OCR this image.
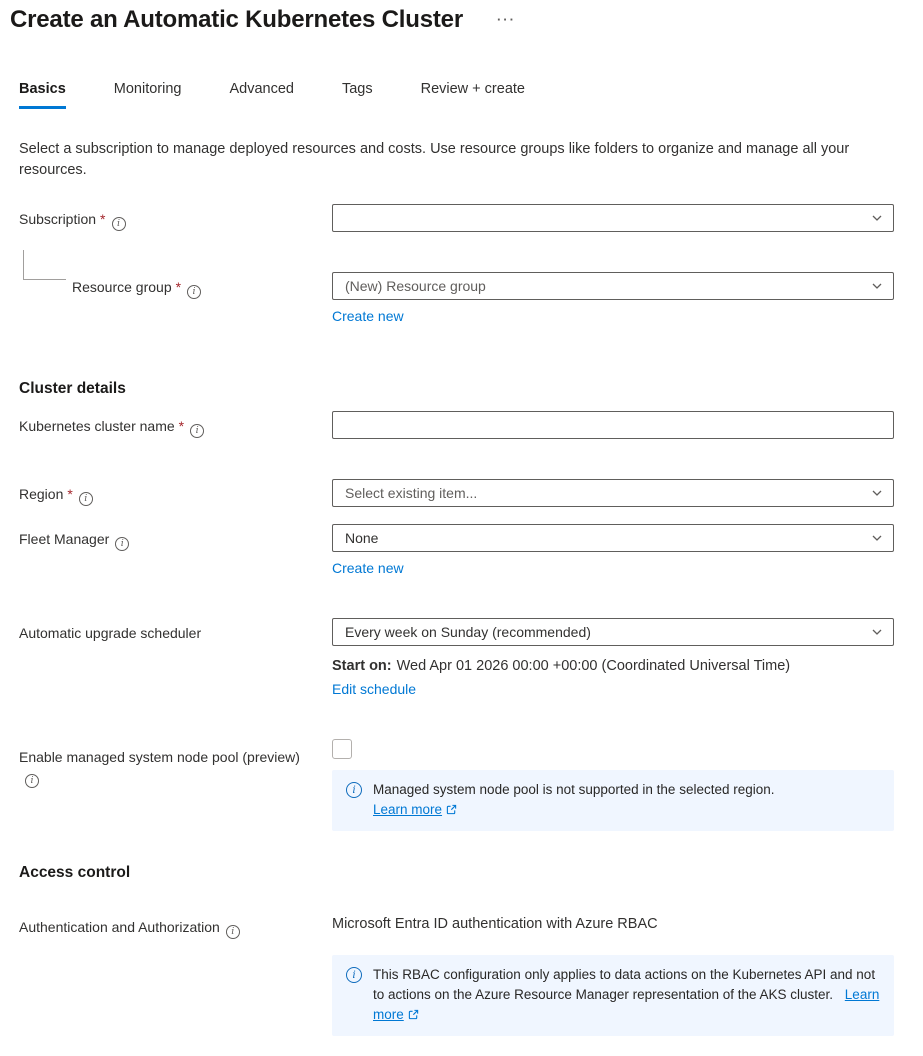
Create an Automatic Kubernetes Cluster	···
Basics	Monitoring	Advanced	Tags	Review + create

Select a subscription to manage deployed resources and costs. Use resource groups like folders to organize and manage all your resources.

Subscription * i
Resource group * i	(New) Resource group
Create new
Cluster details
Kubernetes cluster name * i
Region * i	Select existing item...
Fleet Manager i	None
Create new
Automatic upgrade scheduler	Every week on Sunday (recommended)
Start on: Wed Apr 01 2026 00:00 +00:00 (Coordinated Universal Time)
Edit schedule
Enable managed system node pool (preview)i
i	Managed system node pool is not supported in the selected region.
Learn more
Access control
Authentication and Authorization i	Microsoft Entra ID authentication with Azure RBAC
i	This RBAC configuration only applies to data actions on the Kubernetes API and not to actions on the Azure Resource Manager representation of the AKS cluster. Learn more
